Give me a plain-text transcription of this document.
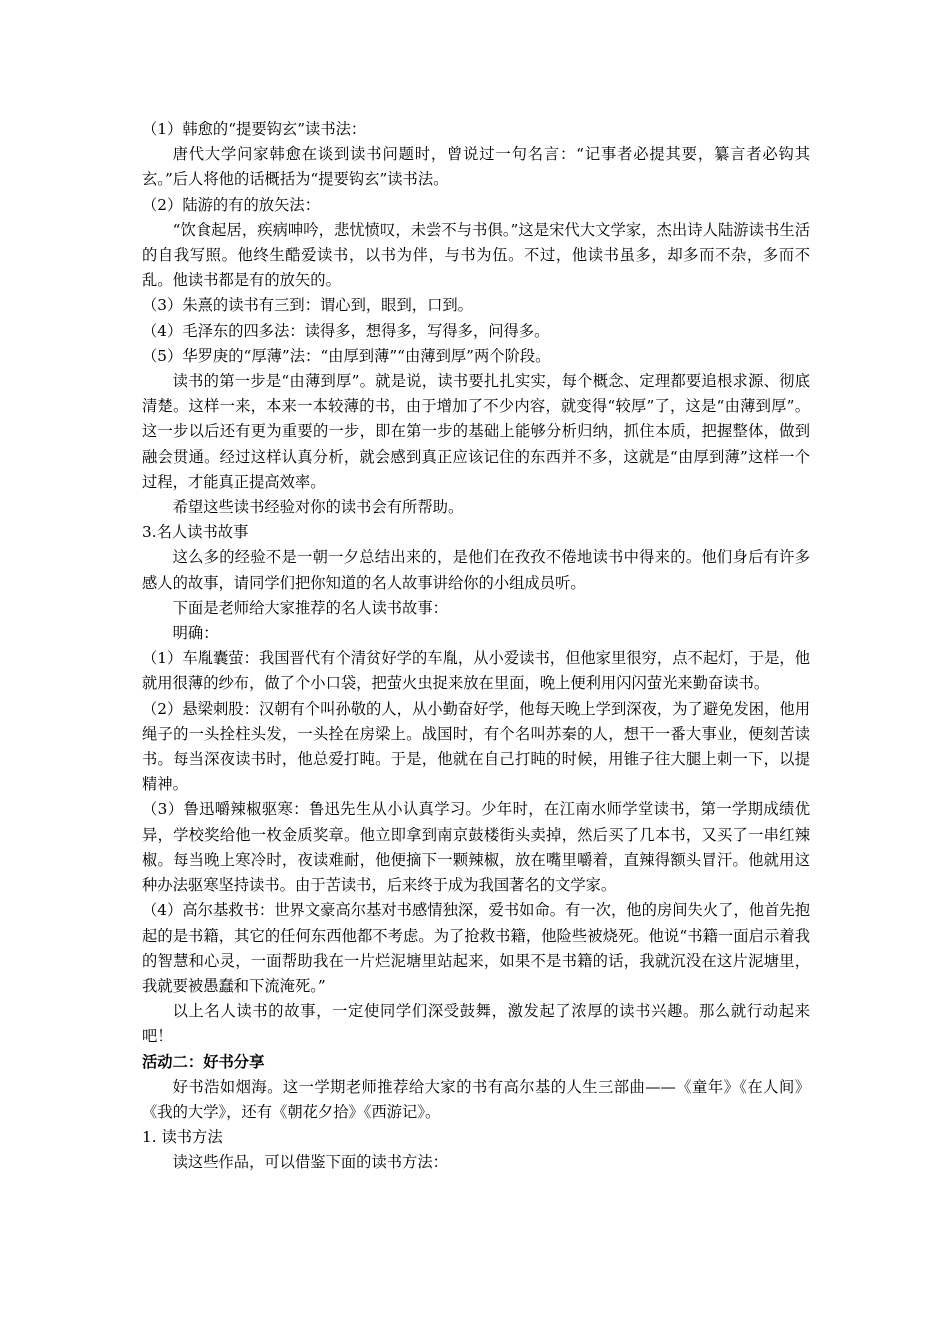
（1）韩愈的“提要钩玄”读书法：

唐代大学问家韩愈在谈到读书问题时，曾说过一句名言：“记事者必提其要，纂言者必钩其玄。”后人将他的话概括为“提要钩玄”读书法。

（2）陆游的有的放矢法：

“饮食起居，疾病呻吟，悲忧愤叹，未尝不与书俱。”这是宋代大文学家，杰出诗人陆游读书生活的自我写照。他终生酷爱读书，以书为伴，与书为伍。不过，他读书虽多，却多而不杂，多而不乱。他读书都是有的放矢的。

（3）朱熹的读书有三到：谓心到，眼到，口到。

（4）毛泽东的四多法：读得多，想得多，写得多，问得多。

（5）华罗庚的“厚薄”法：“由厚到薄”“由薄到厚”两个阶段。

读书的第一步是“由薄到厚”。就是说，读书要扎扎实实，每个概念、定理都要追根求源、彻底清楚。这样一来，本来一本较薄的书，由于增加了不少内容，就变得“较厚”了，这是“由薄到厚”。这一步以后还有更为重要的一步，即在第一步的基础上能够分析归纳，抓住本质，把握整体，做到融会贯通。经过这样认真分析，就会感到真正应该记住的东西并不多，这就是“由厚到薄”这样一个过程，才能真正提高效率。

希望这些读书经验对你的读书会有所帮助。

3.名人读书故事

这么多的经验不是一朝一夕总结出来的，是他们在孜孜不倦地读书中得来的。他们身后有许多感人的故事，请同学们把你知道的名人故事讲给你的小组成员听。

下面是老师给大家推荐的名人读书故事：

明确：

（1）车胤囊萤：我国晋代有个清贫好学的车胤，从小爱读书，但他家里很穷，点不起灯，于是，他就用很薄的纱布，做了个小口袋，把萤火虫捉来放在里面，晚上便利用闪闪萤光来勤奋读书。

（2）悬梁刺股：汉朝有个叫孙敬的人，从小勤奋好学，他每天晚上学到深夜，为了避免发困，他用绳子的一头拴柱头发，一头拴在房梁上。战国时，有个名叫苏秦的人，想干一番大事业，便刻苦读书。每当深夜读书时，他总爱打盹。于是，他就在自己打盹的时候，用锥子往大腿上刺一下，以提精神。

（3）鲁迅嚼辣椒驱寒：鲁迅先生从小认真学习。少年时，在江南水师学堂读书，第一学期成绩优异，学校奖给他一枚金质奖章。他立即拿到南京鼓楼街头卖掉，然后买了几本书，又买了一串红辣椒。每当晚上寒冷时，夜读难耐，他便摘下一颗辣椒，放在嘴里嚼着，直辣得额头冒汗。他就用这种办法驱寒坚持读书。由于苦读书，后来终于成为我国著名的文学家。

（4）高尔基救书：世界文豪高尔基对书感情独深，爱书如命。有一次，他的房间失火了，他首先抱起的是书籍，其它的任何东西他都不考虑。为了抢救书籍，他险些被烧死。他说“书籍一面启示着我的智慧和心灵，一面帮助我在一片烂泥塘里站起来，如果不是书籍的话，我就沉没在这片泥塘里，我就要被愚蠢和下流淹死。”

以上名人读书的故事，一定使同学们深受鼓舞，激发起了浓厚的读书兴趣。那么就行动起来吧！

活动二：好书分享

好书浩如烟海。这一学期老师推荐给大家的书有高尔基的人生三部曲——《童年》《在人间》《我的大学》，还有《朝花夕拾》《西游记》。

1. 读书方法

读这些作品，可以借鉴下面的读书方法：
